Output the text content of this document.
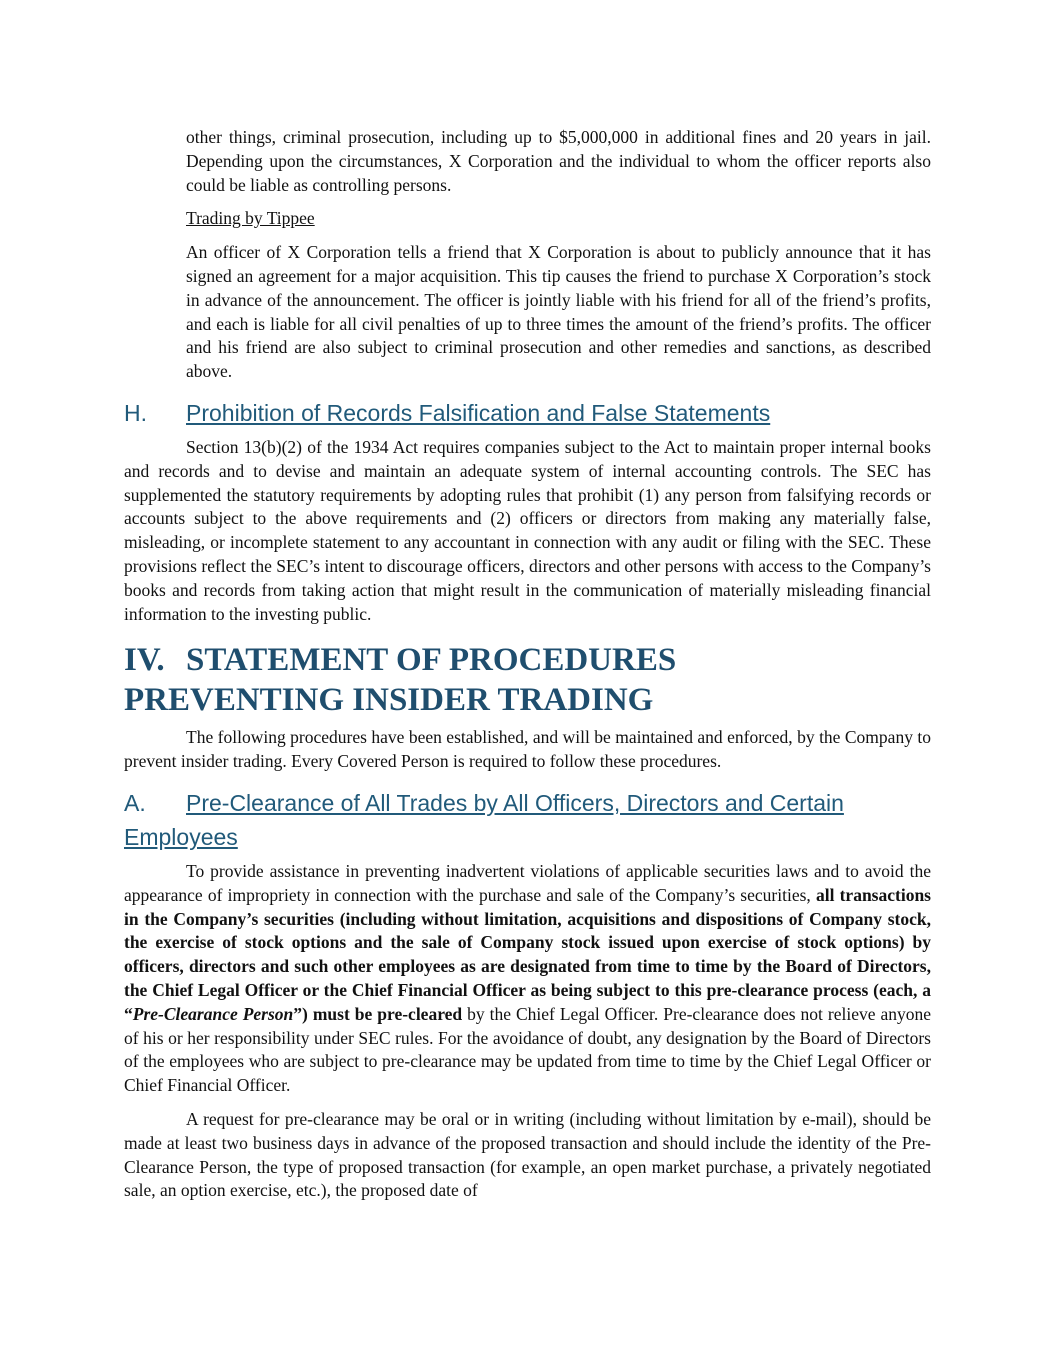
other things, criminal prosecution, including up to $5,000,000 in additional fines and 20 years in jail. Depending upon the circumstances, X Corporation and the individual to whom the officer reports also could be liable as controlling persons.

Trading by Tippee

An officer of X Corporation tells a friend that X Corporation is about to publicly announce that it has signed an agreement for a major acquisition. This tip causes the friend to purchase X Corporation’s stock in advance of the announcement. The officer is jointly liable with his friend for all of the friend’s profits, and each is liable for all civil penalties of up to three times the amount of the friend’s profits. The officer and his friend are also subject to criminal prosecution and other remedies and sanctions, as described above.

H.	Prohibition of Records Falsification and False Statements

Section 13(b)(2) of the 1934 Act requires companies subject to the Act to maintain proper internal books and records and to devise and maintain an adequate system of internal accounting controls. The SEC has supplemented the statutory requirements by adopting rules that prohibit (1) any person from falsifying records or accounts subject to the above requirements and (2) officers or directors from making any materially false, misleading, or incomplete statement to any accountant in connection with any audit or filing with the SEC. These provisions reflect the SEC’s intent to discourage officers, directors and other persons with access to the Company’s books and records from taking action that might result in the communication of materially misleading financial information to the investing public.

IV. STATEMENT OF PROCEDURES
PREVENTING INSIDER TRADING

The following procedures have been established, and will be maintained and enforced, by the Company to prevent insider trading. Every Covered Person is required to follow these procedures.

A. Pre-Clearance of All Trades by All Officers, Directors and Certain Employees

To provide assistance in preventing inadvertent violations of applicable securities laws and to avoid the appearance of impropriety in connection with the purchase and sale of the Company’s securities, all transactions in the Company’s securities (including without limitation, acquisitions and dispositions of Company stock, the exercise of stock options and the sale of Company stock issued upon exercise of stock options) by officers, directors and such other employees as are designated from time to time by the Board of Directors, the Chief Legal Officer or the Chief Financial Officer as being subject to this pre-clearance process (each, a “Pre-Clearance Person”) must be pre-cleared by the Chief Legal Officer. Pre-clearance does not relieve anyone of his or her responsibility under SEC rules. For the avoidance of doubt, any designation by the Board of Directors of the employees who are subject to pre-clearance may be updated from time to time by the Chief Legal Officer or Chief Financial Officer.

A request for pre-clearance may be oral or in writing (including without limitation by e-mail), should be made at least two business days in advance of the proposed transaction and should include the identity of the Pre-Clearance Person, the type of proposed transaction (for example, an open market purchase, a privately negotiated sale, an option exercise, etc.), the proposed date of
